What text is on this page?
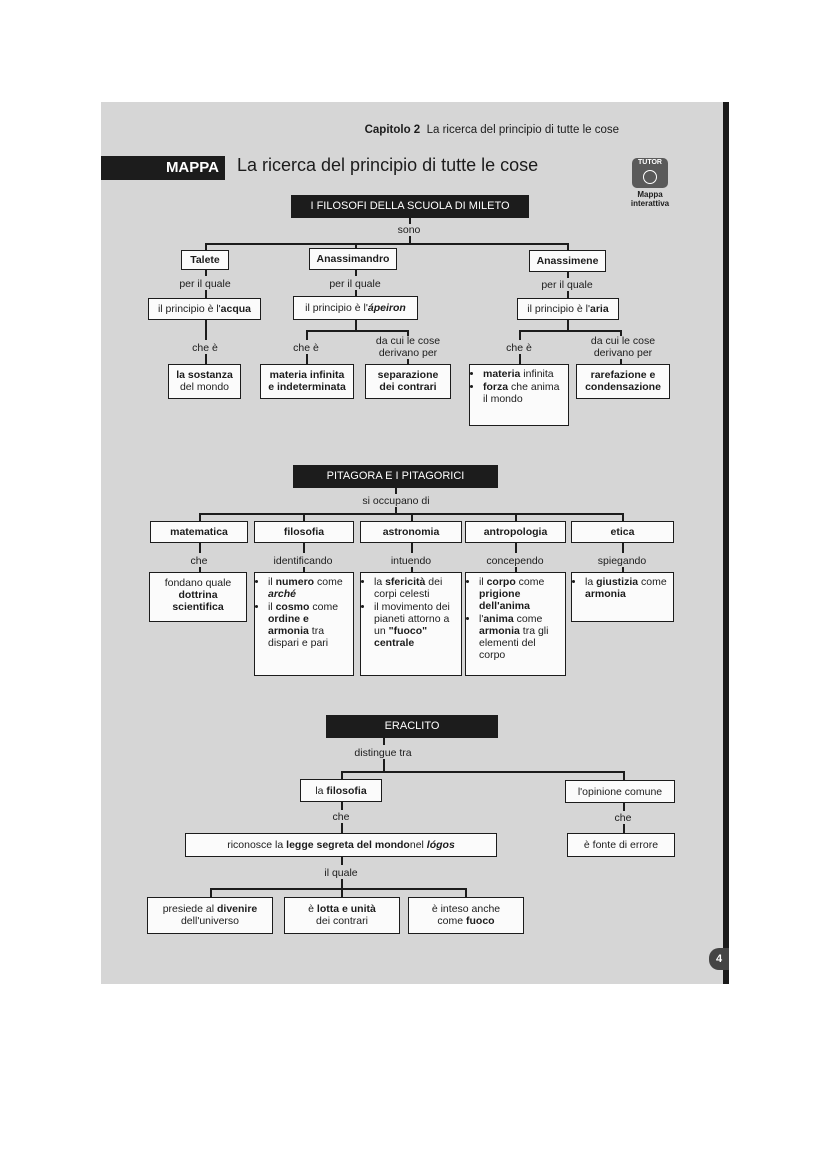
Capitolo 2 La ricerca del principio di tutte le cose
MAPPA	La ricerca del principio di tutte le cose	TUTOR
Mappa interattiva
I FILOSOFI DELLA SCUOLA DI MILETO
sono
Talete
per il quale
il principio è l' acqua
che è
la sostanza
del mondo
Anassimandro
per il quale
il principio è l' ápeiron
che è
da cui le cose
derivano per
materia infinita
e indeterminata
separazione
dei contrari
Anassimene
per il quale
il principio è l' aria
che è
da cui le cose
derivano per
• materia infinita
• forza che anima il mondo
rarefazione e
condensazione
PITAGORA E I PITAGORICI
si occupano di
matematica
che
fondano quale
dottrina
scientifica
filosofia
identificando
• il numero come arché
• il cosmo come ordine e armonia tra dispari e pari
astronomia
intuendo
• la sfericità dei corpi celesti
• il movimento dei pianeti attorno a un "fuoco" centrale
antropologia
concependo
• il corpo come prigione dell'anima
• l'anima come armonia tra gli elementi del corpo
etica
spiegando
• la giustizia come armonia
ERACLITO
distingue tra
la
filosofia	l'opinione comune
che	che
riconosce la
legge segreta del mondo nel
lógos	è fonte di errore
il quale
presiede al divenire
dell'universo
è lotta e unità
dei contrari
è inteso anche
come fuoco
4
